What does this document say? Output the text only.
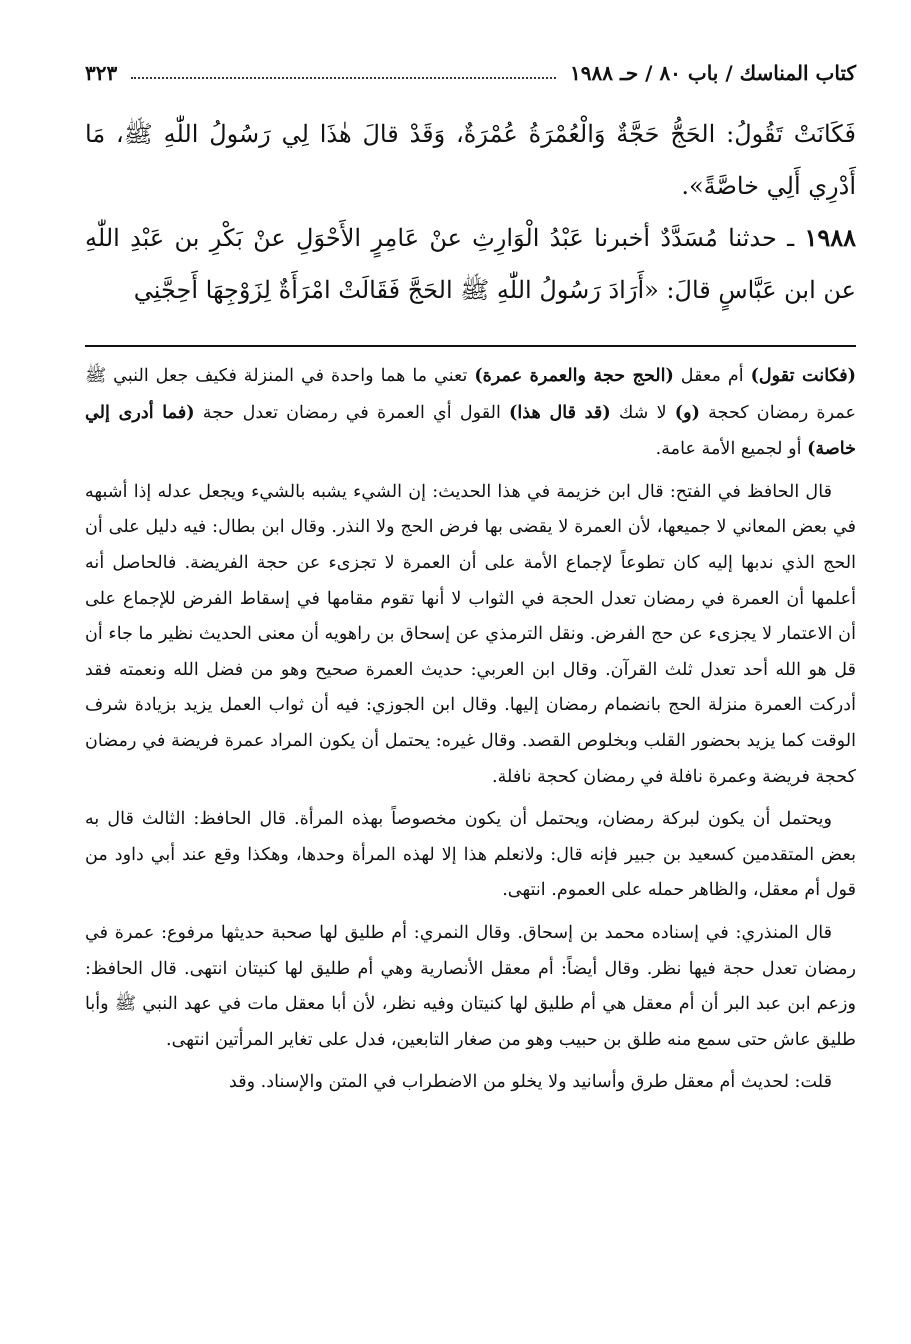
كتاب المناسك / باب ٨٠ / حـ ١٩٨٨
٣٢٣

فَكَانَتْ تَقُولُ: الحَجُّ حَجَّةٌ وَالْعُمْرَةُ عُمْرَةٌ، وَقَدْ قالَ هٰذَا لِي رَسُولُ اللّٰهِ ﷺ، مَا أَدْرِي أَلِي خاصَّةً».

١٩٨٨ ـ حدثنا مُسَدَّدٌ أخبرنا عَبْدُ الْوَارِثِ عنْ عَامِرٍ الأَحْوَلِ عنْ بَكْرِ بن عَبْدِ اللّٰهِ عن ابن عَبَّاسٍ قالَ: «أَرَادَ رَسُولُ اللّٰهِ ﷺ الحَجَّ فَقَالَتْ امْرَأَةٌ لِزَوْجِهَا أَحِجَّنِي

(فكانت تقول) أم معقل (الحج حجة والعمرة عمرة) تعني ما هما واحدة في المنزلة فكيف جعل النبي ﷺ عمرة رمضان كحجة (و) لا شك (قد قال هذا) القول أي العمرة في رمضان تعدل حجة (فما أدرى إلي خاصة) أو لجميع الأمة عامة.

قال الحافظ في الفتح: قال ابن خزيمة في هذا الحديث: إن الشيء يشبه بالشيء ويجعل عدله إذا أشبهه في بعض المعاني لا جميعها، لأن العمرة لا يقضى بها فرض الحج ولا النذر. وقال ابن بطال: فيه دليل على أن الحج الذي ندبها إليه كان تطوعاً لإجماع الأمة على أن العمرة لا تجزىء عن حجة الفريضة. فالحاصل أنه أعلمها أن العمرة في رمضان تعدل الحجة في الثواب لا أنها تقوم مقامها في إسقاط الفرض للإجماع على أن الاعتمار لا يجزىء عن حج الفرض. ونقل الترمذي عن إسحاق بن راهويه أن معنى الحديث نظير ما جاء أن قل هو الله أحد تعدل ثلث القرآن. وقال ابن العربي: حديث العمرة صحيح وهو من فضل الله ونعمته فقد أدركت العمرة منزلة الحج بانضمام رمضان إليها. وقال ابن الجوزي: فيه أن ثواب العمل يزيد بزيادة شرف الوقت كما يزيد بحضور القلب وبخلوص القصد. وقال غيره: يحتمل أن يكون المراد عمرة فريضة في رمضان كحجة فريضة وعمرة نافلة في رمضان كحجة نافلة.

ويحتمل أن يكون لبركة رمضان، ويحتمل أن يكون مخصوصاً بهذه المرأة. قال الحافظ: الثالث قال به بعض المتقدمين كسعيد بن جبير فإنه قال: ولانعلم هذا إلا لهذه المرأة وحدها، وهكذا وقع عند أبي داود من قول أم معقل، والظاهر حمله على العموم. انتهى.

قال المنذري: في إسناده محمد بن إسحاق. وقال النمري: أم طليق لها صحبة حديثها مرفوع: عمرة في رمضان تعدل حجة فيها نظر. وقال أيضاً: أم معقل الأنصارية وهي أم طليق لها كنيتان انتهى. قال الحافظ: وزعم ابن عبد البر أن أم معقل هي أم طليق لها كنيتان وفيه نظر، لأن أبا معقل مات في عهد النبي ﷺ وأبا طليق عاش حتى سمع منه طلق بن حبيب وهو من صغار التابعين، فدل على تغاير المرأتين انتهى.

قلت: لحديث أم معقل طرق وأسانيد ولا يخلو من الاضطراب في المتن والإسناد. وقد
